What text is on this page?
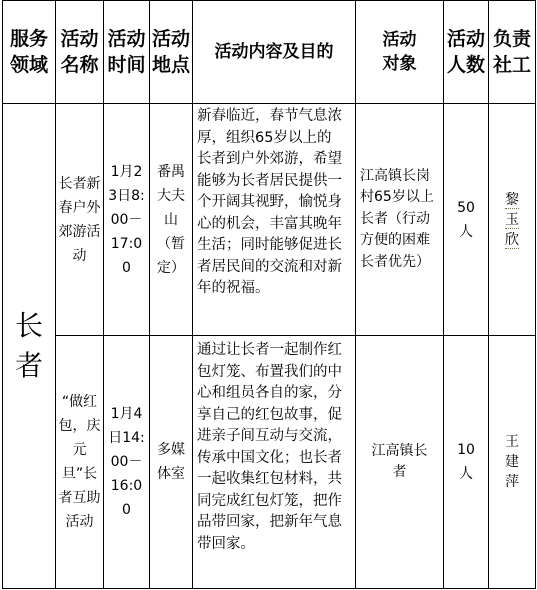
服务领域	活动名称	活动时间	活动地点	活动内容及目的	活动对象	活动人数	负责社工
长者	长者新春户外郊游活动	1月23日8:00－17:00	番禺大夫山（暂定）	新春临近，春节气息浓厚，组织65岁以上的长者到户外郊游，希望能够为长者居民提供一个开阔其视野，愉悦身心的机会，丰富其晚年生活；同时能够促进长者居民间的交流和对新年的祝福。	江高镇长岗村65岁以上长者（行动方便的困难长者优先）	50人	黎玉欣
	“做红包，庆元旦”长者互助活动	1月4日14:00－16:00	多媒体室	通过让长者一起制作红包灯笼、布置我们的中心和组员各自的家，分享自己的红包故事，促进亲子间互动与交流，传承中国文化；也长者一起收集红包材料，共同完成红包灯笼，把作品带回家，把新年气息带回家。	江高镇长者	10人	王建萍
